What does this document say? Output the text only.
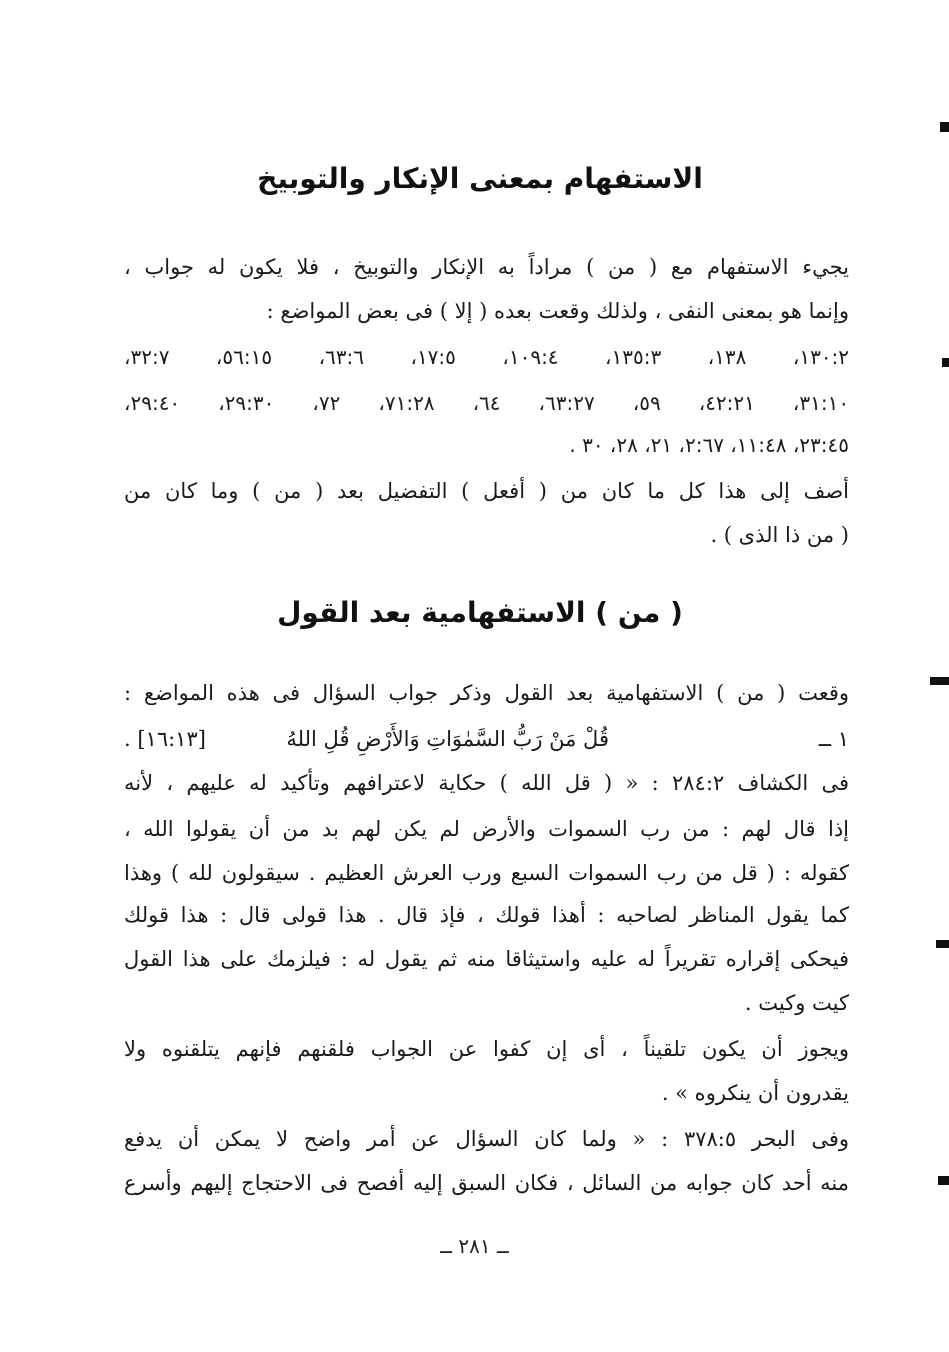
الاستفهام بمعنى الإنكار والتوبيخ
يجيء الاستفهام مع ( من ) مراداً به الإنكار والتوبيخ ، فلا يكون له جواب ،
وإنما هو بمعنى النفى ، ولذلك وقعت بعده ( إلا ) فى بعض المواضع :
١٣٠:٢، ١٣٨، ١٣٥:٣، ١٠٩:٤، ١٧:٥، ٦٣:٦، ٥٦:١٥، ٣٢:٧،
٣١:١٠، ٤٢:٢١، ٥٩، ٦٣:٢٧، ٦٤، ٧١:٢٨، ٧٢، ٢٩:٣٠، ٢٩:٤٠،
٢٣:٤٥، ١١:٤٨، ٢:٦٧، ٢١، ٢٨، ٣٠ .
أصف إلى هذا كل ما كان من ( أفعل ) التفضيل بعد ( من ) وما كان من
( من ذا الذى ) .
( من ) الاستفهامية بعد القول
وقعت ( من ) الاستفهامية بعد القول وذكر جواب السؤال فى هذه المواضع :
١ ــ
قُلْ مَنْ رَبُّ السَّمٰوَاتِ وَالأَرْضِ قُلِ اللهُ
[١٦:١٣] .
فى الكشاف ٢٨٤:٢ : « ( قل الله ) حكاية لاعترافهم وتأكيد له عليهم ، لأنه
إذا قال لهم : من رب السموات والأرض لم يكن لهم بد من أن يقولوا الله ،
كقوله : ( قل من رب السموات السبع ورب العرش العظيم . سيقولون لله ) وهذا
كما يقول المناظر لصاحبه : أهذا قولك ، فإذ قال . هذا قولى قال : هذا قولك
فيحكى إقراره تقريراً له عليه واستيثاقا منه ثم يقول له : فيلزمك على هذا القول
كيت وكيت .
ويجوز أن يكون تلقيناً ، أى إن كفوا عن الجواب فلقنهم فإنهم يتلقنوه ولا
يقدرون أن ينكروه » .
وفى البحر ٣٧٨:٥ : « ولما كان السؤال عن أمر واضح لا يمكن أن يدفع
منه أحد كان جوابه من السائل ، فكان السبق إليه أفصح فى الاحتجاج إليهم وأسرع
ــ ٢٨١ ــ
